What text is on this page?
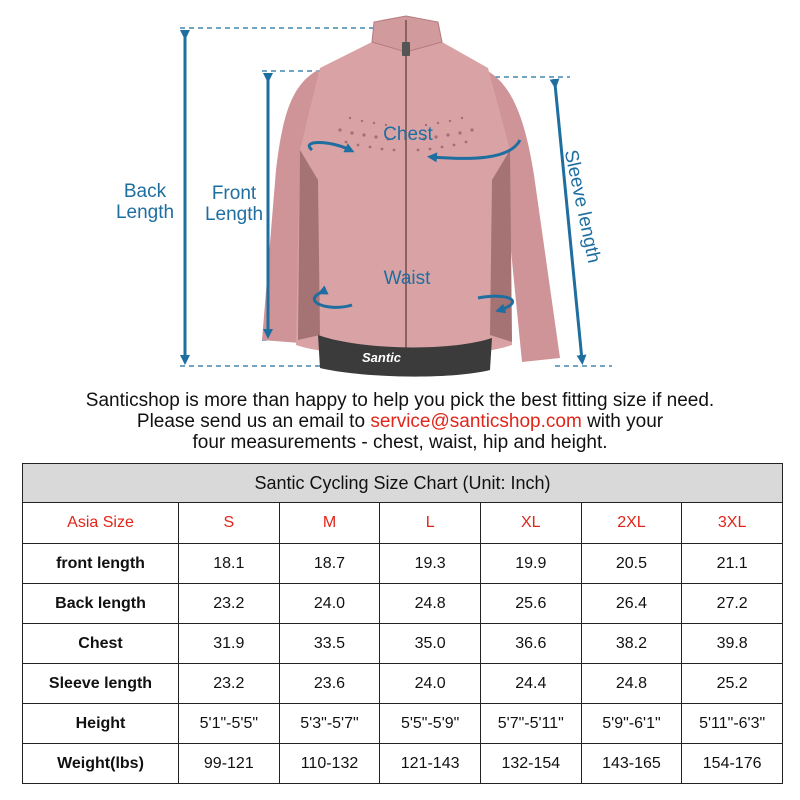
Santic
Back
Length
Front
Length
Chest
Waist
Sleeve length
Santicshop is more than happy to help you pick the best fitting size if need.
Please send us an email to service@santicshop.com with your
four measurements - chest, waist, hip and height.
Santic Cycling Size Chart (Unit: Inch)						
Asia Size	S	M	L	XL	2XL	3XL
front length	18.1	18.7	19.3	19.9	20.5	21.1
Back length	23.2	24.0	24.8	25.6	26.4	27.2
Chest	31.9	33.5	35.0	36.6	38.2	39.8
Sleeve length	23.2	23.6	24.0	24.4	24.8	25.2
Height	5'1"-5'5"	5'3"-5'7"	5'5"-5'9"	5'7"-5'11"	5'9"-6'1"	5'11"-6'3"
Weight(lbs)	99-121	110-132	121-143	132-154	143-165	154-176
